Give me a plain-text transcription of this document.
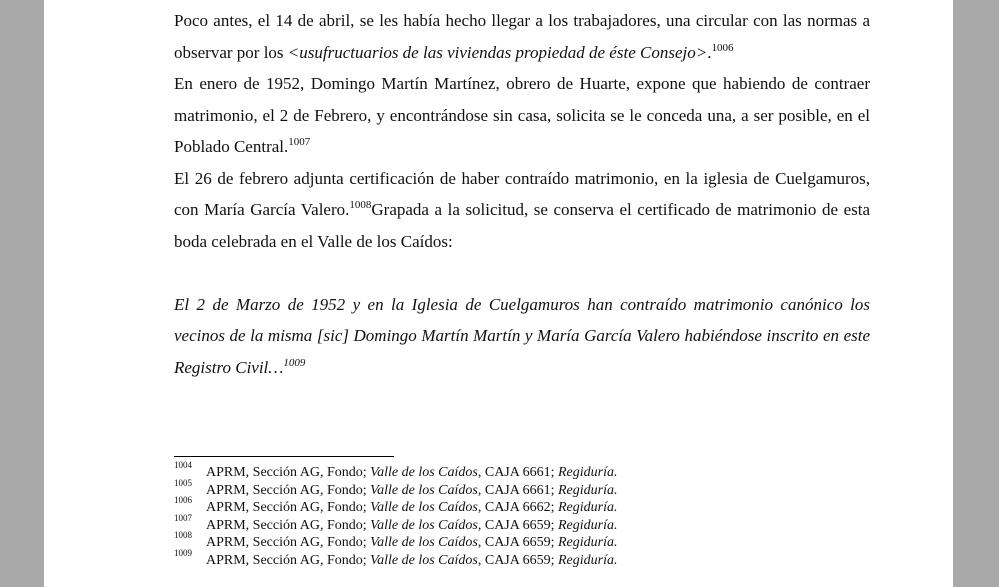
Poco antes, el 14 de abril, se les había hecho llegar a los trabajadores, una circular con las normas a observar por los <usufructuarios de las viviendas propiedad de éste Consejo>.$^{1006}$

En enero de 1952, Domingo Martín Martínez, obrero de Huarte, expone que habiendo de contraer matrimonio, el 2 de Febrero, y encontrándose sin casa, solicita se le conceda una, a ser posible, en el Poblado Central.$^{1007}$

El 26 de febrero adjunta certificación de haber contraído matrimonio, en la iglesia de Cuelgamuros, con María García Valero.$^{1008}$Grapada a la solicitud, se conserva el certificado de matrimonio de esta boda celebrada en el Valle de los Caídos:

El 2 de Marzo de 1952 y en la Iglesia de Cuelgamuros han contraído matrimonio canónico los vecinos de la misma [sic] Domingo Martín Martín y María García Valero habiéndose inscrito en este Registro Civil…$^{1009}$

1004 APRM, Sección AG, Fondo; Valle de los Caídos, CAJA 6661; Regiduría.

1005 APRM, Sección AG, Fondo; Valle de los Caídos, CAJA 6661; Regiduría.

1006 APRM, Sección AG, Fondo; Valle de los Caídos, CAJA 6662; Regiduría.

1007 APRM, Sección AG, Fondo; Valle de los Caídos, CAJA 6659; Regiduría.

1008 APRM, Sección AG, Fondo; Valle de los Caídos, CAJA 6659; Regiduría.

1009 APRM, Sección AG, Fondo; Valle de los Caídos, CAJA 6659; Regiduría.
